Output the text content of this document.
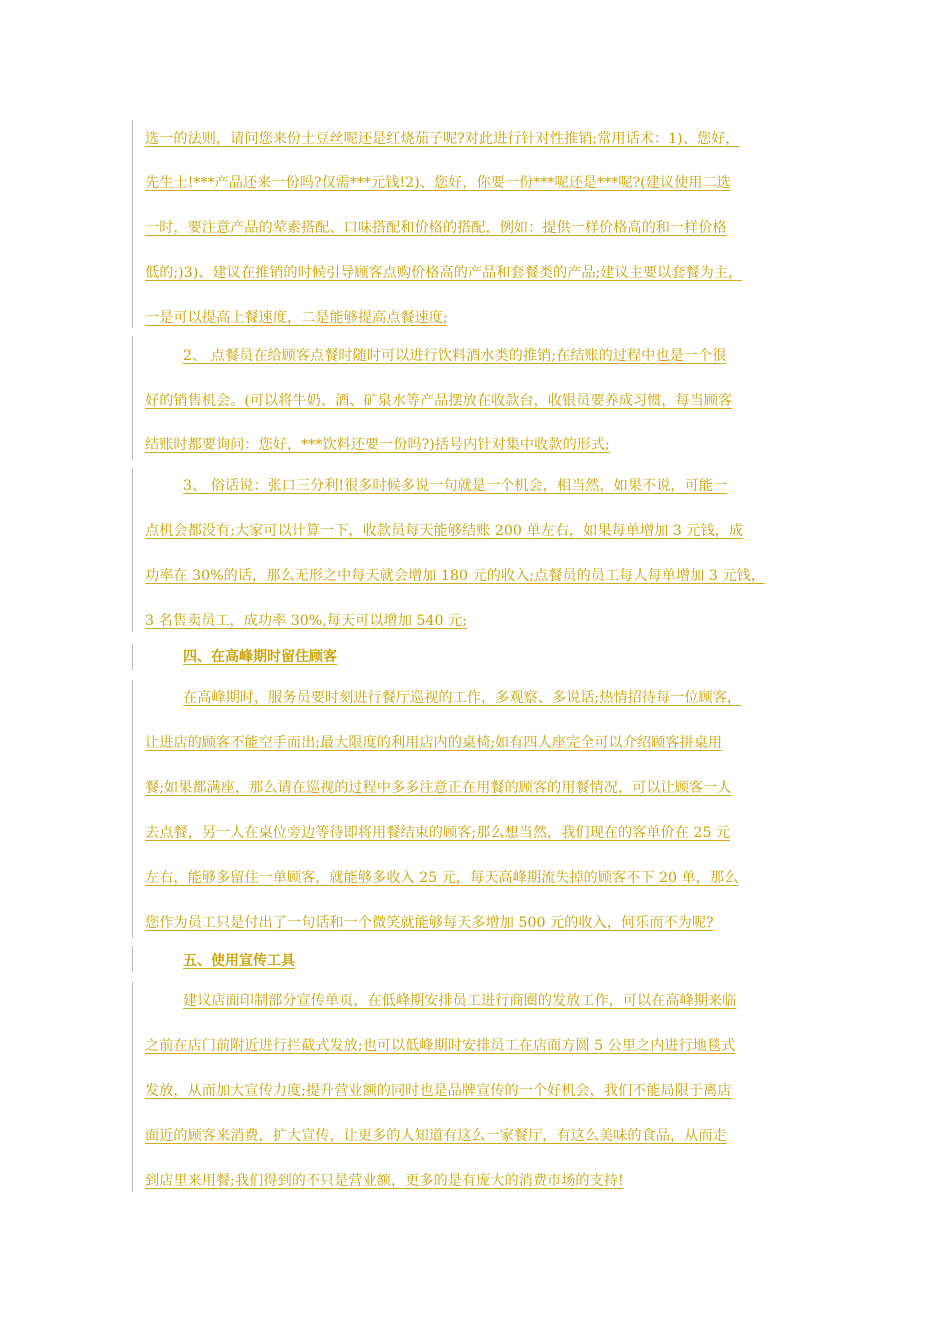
选一的法则，请问您来份土豆丝呢还是红烧茄子呢?对此进行针对性推销;常用话术：1)、您好，
先生士!***产品还来一份吗?仅需***元钱!2)、您好，你要一份***呢还是***呢?(建议使用二选
一时，要注意产品的荤素搭配、口味搭配和价格的搭配，例如：提供一样价格高的和一样价格
低的;)3)、建议在推销的时候引导顾客点购价格高的产品和套餐类的产品;建议主要以套餐为主，
一是可以提高上餐速度，二是能够提高点餐速度;
2、 点餐员在给顾客点餐时随时可以进行饮料酒水类的推销;在结账的过程中也是一个很
好的销售机会。(可以将牛奶、酒、矿泉水等产品摆放在收款台，收银员要养成习惯，每当顾客
结账时都要询问：您好，***饮料还要一份吗?)括号内针对集中收款的形式;
3、 俗话说：张口三分利!很多时候多说一句就是一个机会，相当然，如果不说，可能一
点机会都没有;大家可以计算一下，收款员每天能够结账 200 单左右，如果每单增加 3 元钱，成
功率在 30%的话，那么无形之中每天就会增加 180 元的收入;点餐员的员工每人每单增加 3 元钱，
3 名售卖员工，成功率 30%,每天可以增加 540 元;
四、在高峰期时留住顾客
在高峰期时，服务员要时刻进行餐厅巡视的工作，多观察、多说话;热情招待每一位顾客，
让进店的顾客不能空手而出;最大限度的利用店内的桌椅;如有四人座完全可以介绍顾客拼桌用
餐;如果都满座，那么请在巡视的过程中多多注意正在用餐的顾客的用餐情况，可以让顾客一人
去点餐，另一人在桌位旁边等待即将用餐结束的顾客;那么想当然，我们现在的客单价在 25 元
左右，能够多留住一单顾客，就能够多收入 25 元，每天高峰期流失掉的顾客不下 20 单，那么
您作为员工只是付出了一句话和一个微笑就能够每天多增加 500 元的收入，何乐而不为呢?
五、使用宣传工具
建议店面印制部分宣传单页，在低峰期安排员工进行商圈的发放工作，可以在高峰期来临
之前在店门前附近进行拦截式发放;也可以低峰期时安排员工在店面方圆 5 公里之内进行地毯式
发放，从而加大宣传力度;提升营业额的同时也是品牌宣传的一个好机会，我们不能局限于离店
面近的顾客来消费，扩大宣传，让更多的人知道有这么一家餐厅，有这么美味的食品，从而走
到店里来用餐;我们得到的不只是营业额，更多的是有庞大的消费市场的支持!
